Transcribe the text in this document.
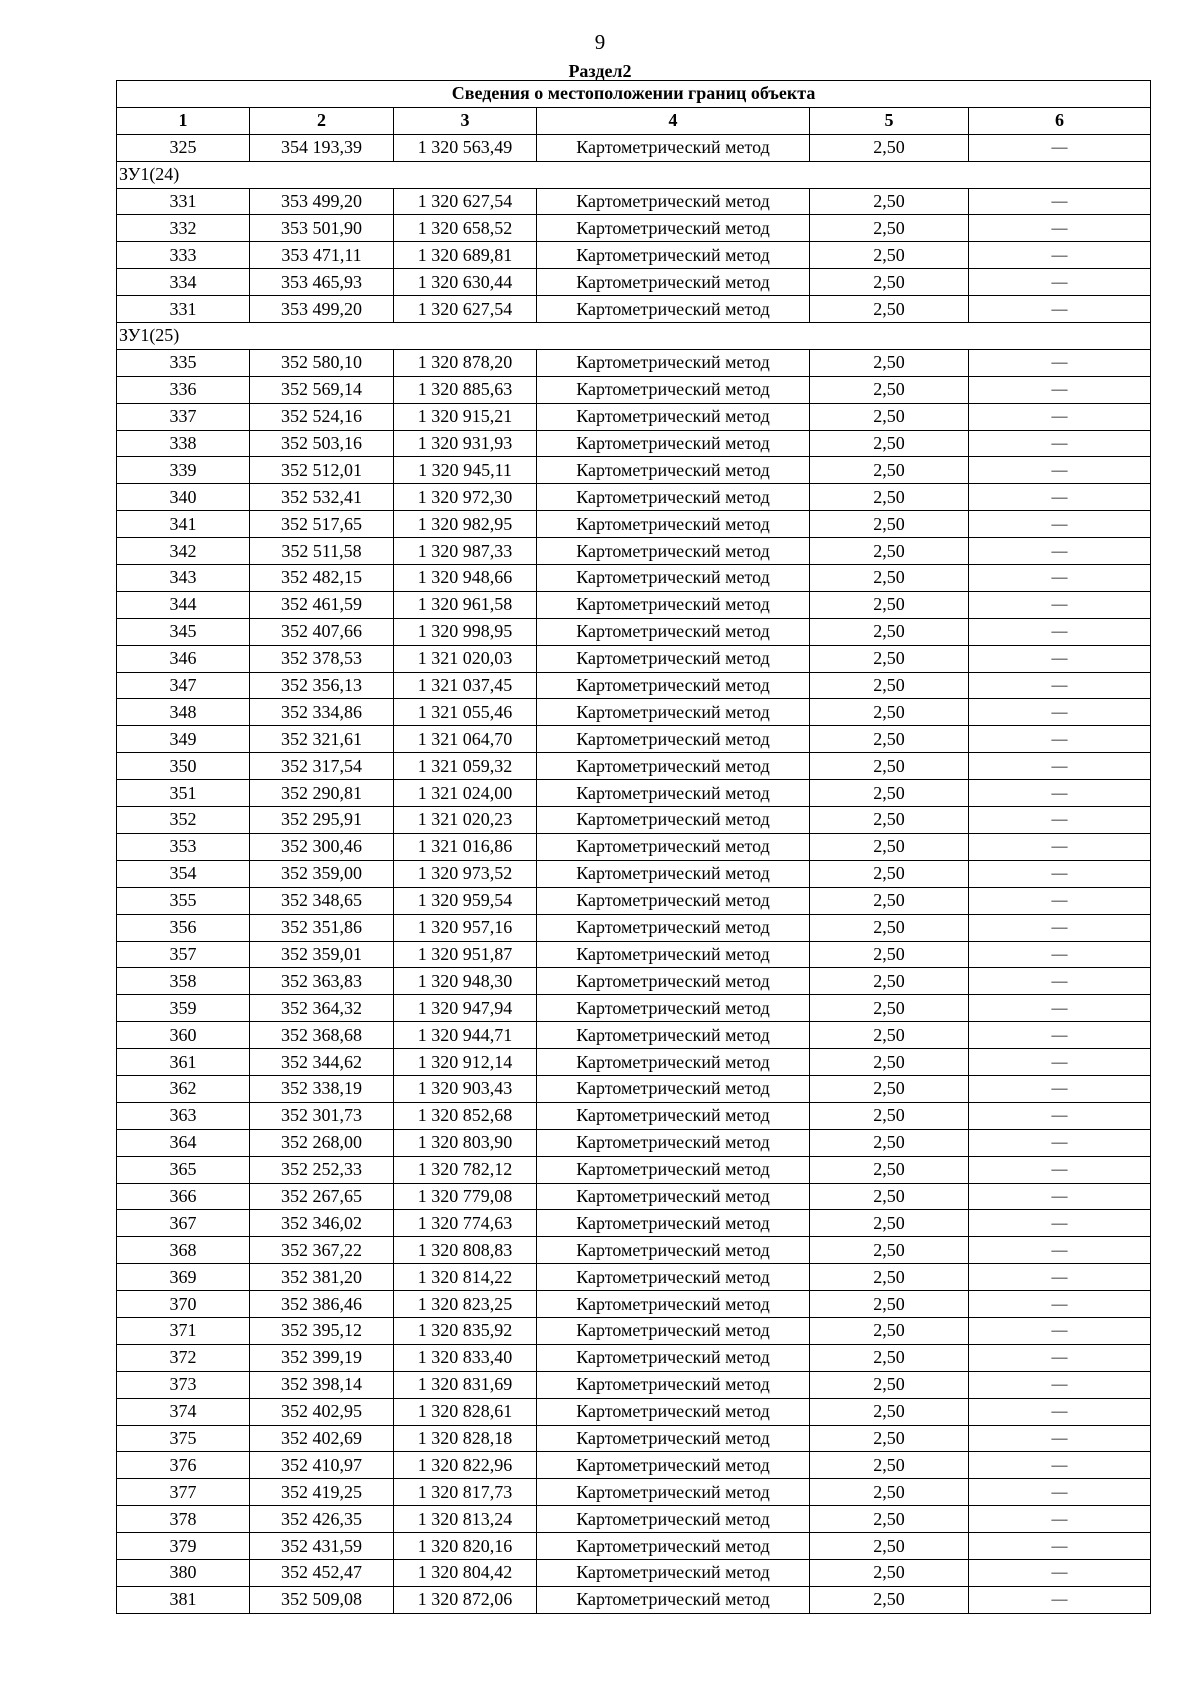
9
Раздел2
Сведения о местоположении границ объекта					
1	2	3	4	5	6
325	354 193,39	1 320 563,49	Картометрический метод	2,50	—
ЗУ1(24)					
331	353 499,20	1 320 627,54	Картометрический метод	2,50	—
332	353 501,90	1 320 658,52	Картометрический метод	2,50	—
333	353 471,11	1 320 689,81	Картометрический метод	2,50	—
334	353 465,93	1 320 630,44	Картометрический метод	2,50	—
331	353 499,20	1 320 627,54	Картометрический метод	2,50	—
ЗУ1(25)					
335	352 580,10	1 320 878,20	Картометрический метод	2,50	—
336	352 569,14	1 320 885,63	Картометрический метод	2,50	—
337	352 524,16	1 320 915,21	Картометрический метод	2,50	—
338	352 503,16	1 320 931,93	Картометрический метод	2,50	—
339	352 512,01	1 320 945,11	Картометрический метод	2,50	—
340	352 532,41	1 320 972,30	Картометрический метод	2,50	—
341	352 517,65	1 320 982,95	Картометрический метод	2,50	—
342	352 511,58	1 320 987,33	Картометрический метод	2,50	—
343	352 482,15	1 320 948,66	Картометрический метод	2,50	—
344	352 461,59	1 320 961,58	Картометрический метод	2,50	—
345	352 407,66	1 320 998,95	Картометрический метод	2,50	—
346	352 378,53	1 321 020,03	Картометрический метод	2,50	—
347	352 356,13	1 321 037,45	Картометрический метод	2,50	—
348	352 334,86	1 321 055,46	Картометрический метод	2,50	—
349	352 321,61	1 321 064,70	Картометрический метод	2,50	—
350	352 317,54	1 321 059,32	Картометрический метод	2,50	—
351	352 290,81	1 321 024,00	Картометрический метод	2,50	—
352	352 295,91	1 321 020,23	Картометрический метод	2,50	—
353	352 300,46	1 321 016,86	Картометрический метод	2,50	—
354	352 359,00	1 320 973,52	Картометрический метод	2,50	—
355	352 348,65	1 320 959,54	Картометрический метод	2,50	—
356	352 351,86	1 320 957,16	Картометрический метод	2,50	—
357	352 359,01	1 320 951,87	Картометрический метод	2,50	—
358	352 363,83	1 320 948,30	Картометрический метод	2,50	—
359	352 364,32	1 320 947,94	Картометрический метод	2,50	—
360	352 368,68	1 320 944,71	Картометрический метод	2,50	—
361	352 344,62	1 320 912,14	Картометрический метод	2,50	—
362	352 338,19	1 320 903,43	Картометрический метод	2,50	—
363	352 301,73	1 320 852,68	Картометрический метод	2,50	—
364	352 268,00	1 320 803,90	Картометрический метод	2,50	—
365	352 252,33	1 320 782,12	Картометрический метод	2,50	—
366	352 267,65	1 320 779,08	Картометрический метод	2,50	—
367	352 346,02	1 320 774,63	Картометрический метод	2,50	—
368	352 367,22	1 320 808,83	Картометрический метод	2,50	—
369	352 381,20	1 320 814,22	Картометрический метод	2,50	—
370	352 386,46	1 320 823,25	Картометрический метод	2,50	—
371	352 395,12	1 320 835,92	Картометрический метод	2,50	—
372	352 399,19	1 320 833,40	Картометрический метод	2,50	—
373	352 398,14	1 320 831,69	Картометрический метод	2,50	—
374	352 402,95	1 320 828,61	Картометрический метод	2,50	—
375	352 402,69	1 320 828,18	Картометрический метод	2,50	—
376	352 410,97	1 320 822,96	Картометрический метод	2,50	—
377	352 419,25	1 320 817,73	Картометрический метод	2,50	—
378	352 426,35	1 320 813,24	Картометрический метод	2,50	—
379	352 431,59	1 320 820,16	Картометрический метод	2,50	—
380	352 452,47	1 320 804,42	Картометрический метод	2,50	—
381	352 509,08	1 320 872,06	Картометрический метод	2,50	—
